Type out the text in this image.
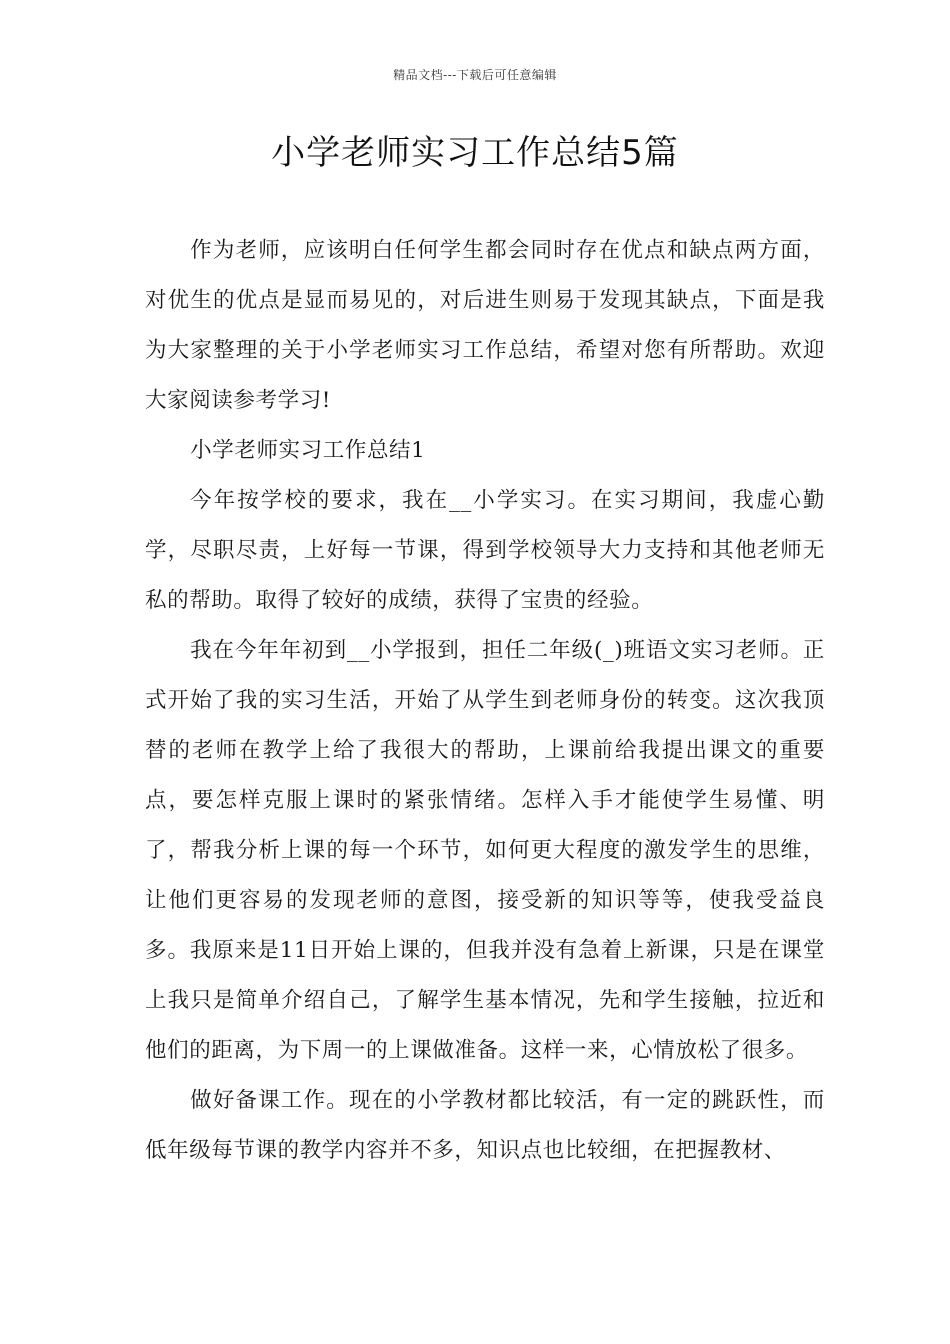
精品文档---下载后可任意编辑
小学老师实习工作总结5篇

作为老师，应该明白任何学生都会同时存在优点和缺点两方面，对优生的优点是显而易见的，对后进生则易于发现其缺点，下面是我为大家整理的关于小学老师实习工作总结，希望对您有所帮助。欢迎大家阅读参考学习!

小学老师实习工作总结1

今年按学校的要求，我在__小学实习。在实习期间，我虚心勤学，尽职尽责，上好每一节课，得到学校领导大力支持和其他老师无私的帮助。取得了较好的成绩，获得了宝贵的经验。

我在今年年初到__小学报到，担任二年级(_)班语文实习老师。正式开始了我的实习生活，开始了从学生到老师身份的转变。这次我顶替的老师在教学上给了我很大的帮助，上课前给我提出课文的重要点，要怎样克服上课时的紧张情绪。怎样入手才能使学生易懂、明了，帮我分析上课的每一个环节，如何更大程度的激发学生的思维，让他们更容易的发现老师的意图，接受新的知识等等，使我受益良多。我原来是11日开始上课的，但我并没有急着上新课，只是在课堂上我只是简单介绍自己，了解学生基本情况，先和学生接触，拉近和他们的距离，为下周一的上课做准备。这样一来，心情放松了很多。

做好备课工作。现在的小学教材都比较活，有一定的跳跃性，而低年级每节课的教学内容并不多，知识点也比较细，在把握教材、
